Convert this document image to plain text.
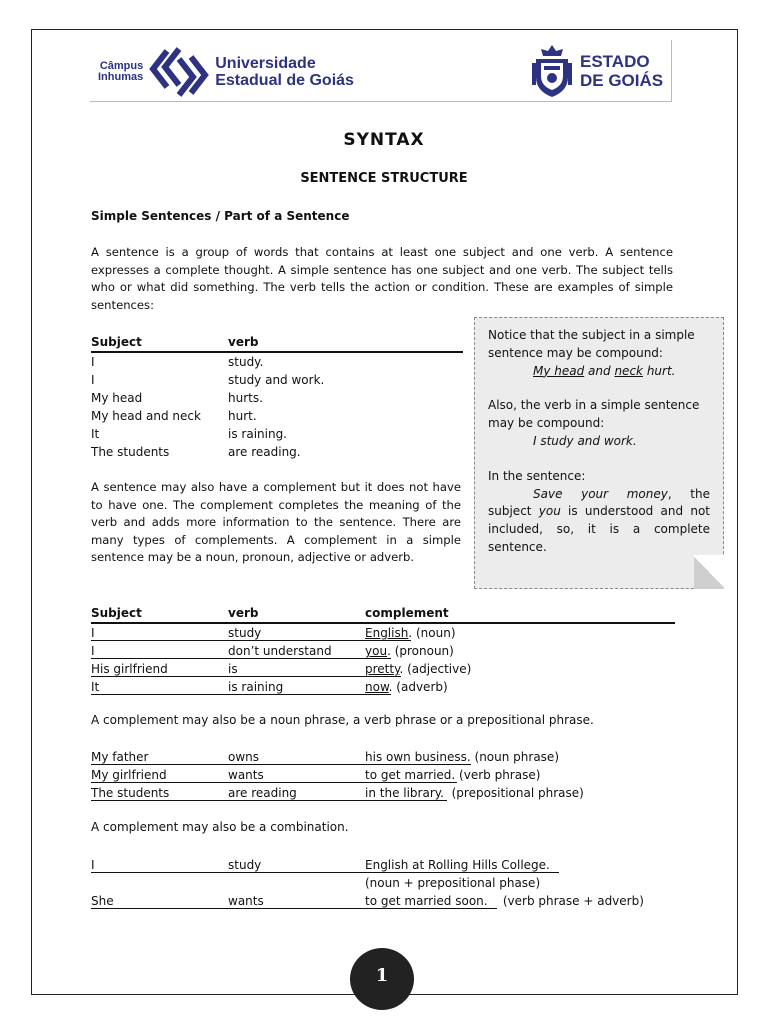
Câmpus
Inhumas
Universidade
Estadual de Goiás
ESTADO
DE GOIÁS
SYNTAX
SENTENCE STRUCTURE
Simple Sentences / Part of a Sentence
A sentence is a group of words that contains at least one subject and one verb. A sentence expresses a complete thought. A simple sentence has one subject and one verb. The subject tells who or what did something. The verb tells the action or condition. These are examples of simple sentences:
Subject	verb
I	study.
I	study and work.
My head	hurts.
My head and neck	hurt.
It	is raining.
The students	are reading.

Notice that the subject in a simple sentence may be compound:

My head and neck hurt.

Also, the verb in a simple sentence may be compound:

I study and work.

In the sentence:

Save your money, the subject you is understood and not included, so, it is a complete sentence.

A sentence may also have a complement but it does not have to have one. The complement completes the meaning of the verb and adds more information to the sentence. There are many types of complements. A complement in a simple sentence may be a noun, pronoun, adjective or adverb.
Subject	verb	complement
I	study	English. (noun)
I	don’t understand	you. (pronoun)
His girlfriend	is	pretty. (adjective)
It	is raining	now. (adverb)
A complement may also be a noun phrase, a verb phrase or a prepositional phrase.
My father	owns	his own business. (noun phrase)
My girlfriend	wants	to get married. (verb phrase)
The students	are reading	in the library.  (prepositional phrase)
A complement may also be a combination.
I	study	English at Rolling Hills College.
(noun + prepositional phase)
She	wants	to get married soon.    (verb phrase + adverb)
1
